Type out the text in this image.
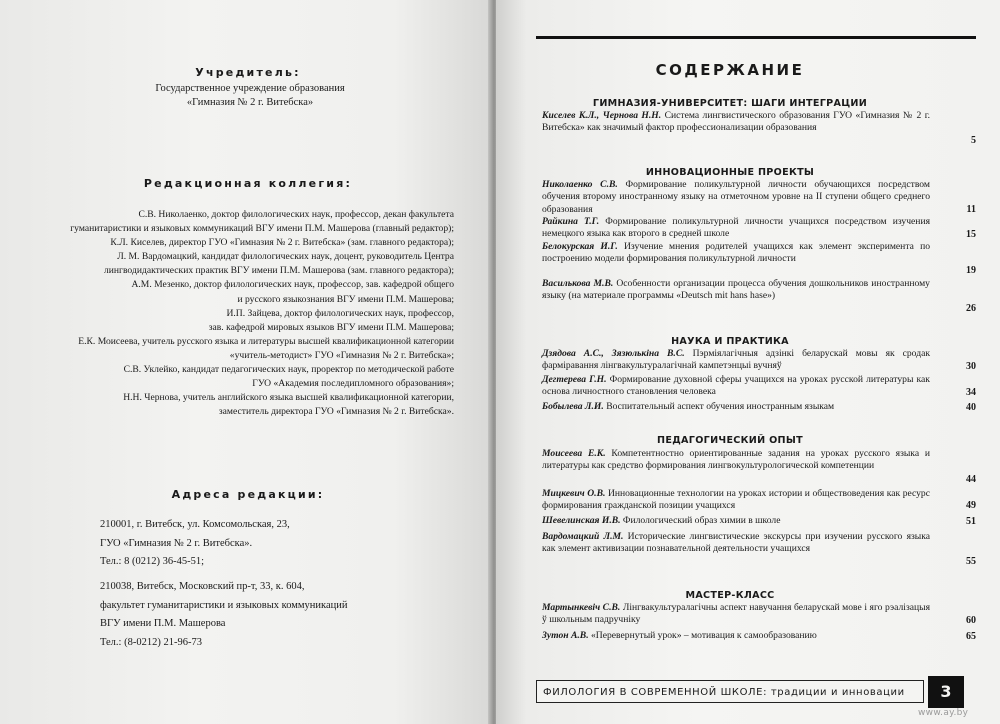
Учредитель:
Государственное учреждение образования
«Гимназия № 2 г. Витебска»
Редакционная коллегия:

С.В. Николаенко, доктор филологических наук, профессор, декан факультета

гуманитаристики и языковых коммуникаций ВГУ имени П.М. Машерова (главный редактор);

К.Л. Киселев, директор ГУО «Гимназия № 2 г. Витебска» (зам. главного редактора);

Л. М. Вардомацкий, кандидат филологических наук, доцент, руководитель Центра

лингводидактических практик ВГУ имени П.М. Машерова (зам. главного редактора);

А.М. Мезенко, доктор филологических наук, профессор, зав. кафедрой общего

и русского языкознания ВГУ имени П.М. Машерова;

И.П. Зайцева, доктор филологических наук, профессор,

зав. кафедрой мировых языков ВГУ имени П.М. Машерова;

Е.К. Моисеева, учитель русского языка и литературы высшей квалификационной категории

«учитель-методист» ГУО «Гимназия № 2 г. Витебска»;

С.В. Уклейко, кандидат педагогических наук, проректор по методической работе

ГУО «Академия последипломного образования»;

Н.Н. Чернова, учитель английского языка высшей квалификационной категории,

заместитель директора ГУО «Гимназия № 2 г. Витебска».

Адреса редакции:

210001, г. Витебск, ул. Комсомольская, 23,

ГУО «Гимназия № 2 г. Витебска».

Тел.: 8 (0212) 36-45-51;

210038, Витебск, Московский пр-т, 33, к. 604,

факультет гуманитаристики и языковых коммуникаций

ВГУ имени П.М. Машерова

Тел.: (8-0212) 21-96-73

СОДЕРЖАНИЕ
ГИМНАЗИЯ-УНИВЕРСИТЕТ: ШАГИ ИНТЕГРАЦИИ
Киселев К.Л., Чернова Н.Н. Система лингвистического образования ГУО «Гимназия № 2 г. Витебска» как значимый фактор профессионализации образования
5
ИННОВАЦИОННЫЕ ПРОЕКТЫ
Николаенко С.В. Формирование поликультурной личности обучающихся посредством обучения второму иностранному языку на отметочном уровне на II ступени общего среднего образования	11
Райкина Т.Г. Формирование поликультурной личности учащихся посредством изучения немецкого языка как второго в средней школе	15
Белокурская И.Г. Изучение мнения родителей учащихся как элемент эксперимента по построению модели формирования поликультурной личности
19
Василькова М.В. Особенности организации процесса обучения дошкольников иностранному языку (на материале программы «Deutsch mit hans hase»)
26
НАУКА И ПРАКТИКА
Дзядова А.С., Зязюлькіна В.С. Пэрмiялагічныя адзінкі беларускай мовы як сродак фарміравання лінгвакультуралагічнай кампетэнцыі вучняў	30
Дегтерева Г.Н. Формирование духовной сферы учащихся на уроках русской литературы как основа личностного становления человека	34
Бобылева Л.И. Воспитательный аспект обучения иностранным языкам	40
ПЕДАГОГИЧЕСКИЙ ОПЫТ
Моисеева Е.К. Компетентностно ориентированные задания на уроках русского языка и литературы как средство формирования лингвокультурологической компетенции
44
Мицкевич О.В. Инновационные технологии на уроках истории и обществоведения как ресурс формирования гражданской позиции учащихся	49
Шевелинская И.В. Филологический образ химии в школе	51
Вардомацкий Л.М. Исторические лингвистические экскурсы при изучении русского языка как элемент активизации познавательной деятельности учащихся
55
МАСТЕР-КЛАСС
Мартынкевіч С.В. Лінгвакультуралагічны аспект навучання беларускай мове і яго рэалізацыя ў школьным падручніку	60
Зутон А.В. «Перевернутый урок» – мотивация к самообразованию	65
ФИЛОЛОГИЯ В СОВРЕМЕННОЙ ШКОЛЕ: традиции и инновации	3
www.ay.by
